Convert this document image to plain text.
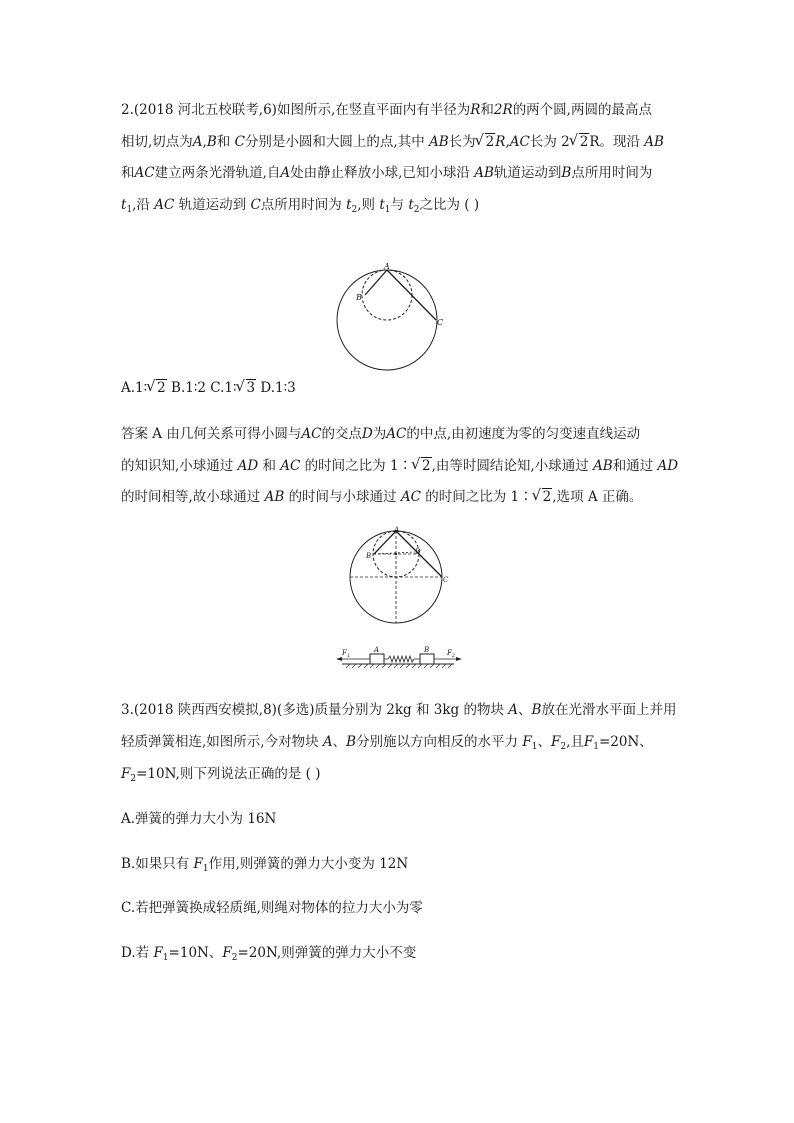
2.(2018 河北五校联考,6)如图所示,在竖直平面内有半径为R和2R的两个圆,两圆的最高点
相切,切点为A,B和 C分别是小圆和大圆上的点,其中 AB长为 √ 2R,AC长为 2 √ 2R。现沿 AB
和AC建立两条光滑轨道,自A处由静止释放小球,已知小球沿 AB轨道运动到B点所用时间为
$t_1$,沿 AC 轨道运动到 C点所用时间为 $t_2$,则 $t_1$与 $t_2$之比为 ( )
A
B
C
A.1∶ √ 2 B.1∶2 C.1∶ √ 3 D.1∶3
答案 A 由几何关系可得小圆与AC的交点D为AC的中点,由初速度为零的匀变速直线运动
的知识知,小球通过 AD 和 AC 的时间之比为 1∶ √ 2,由等时圆结论知,小球通过 AB和通过 AD
的时间相等,故小球通过 AB 的时间与小球通过 AC 的时间之比为 1∶ √ 2,选项 A 正确。
A
B
C
D
$F_1$
A	B	$F_2$
3.(2018 陕西西安模拟,8)(多选)质量分别为 2kg 和 3kg 的物块 A、B放在光滑水平面上并用
轻质弹簧相连,如图所示,今对物块 A、B分别施以方向相反的水平力 $F_1$、$F_2$,且$F_1=20N$、
$F_2=10N$,则下列说法正确的是 ( )
A.弹簧的弹力大小为 16N
B.如果只有 $F_1$作用,则弹簧的弹力大小变为 12N
C.若把弹簧换成轻质绳,则绳对物体的拉力大小为零
D.若 $F_1=10N$、$F_2=20N$,则弹簧的弹力大小不变
